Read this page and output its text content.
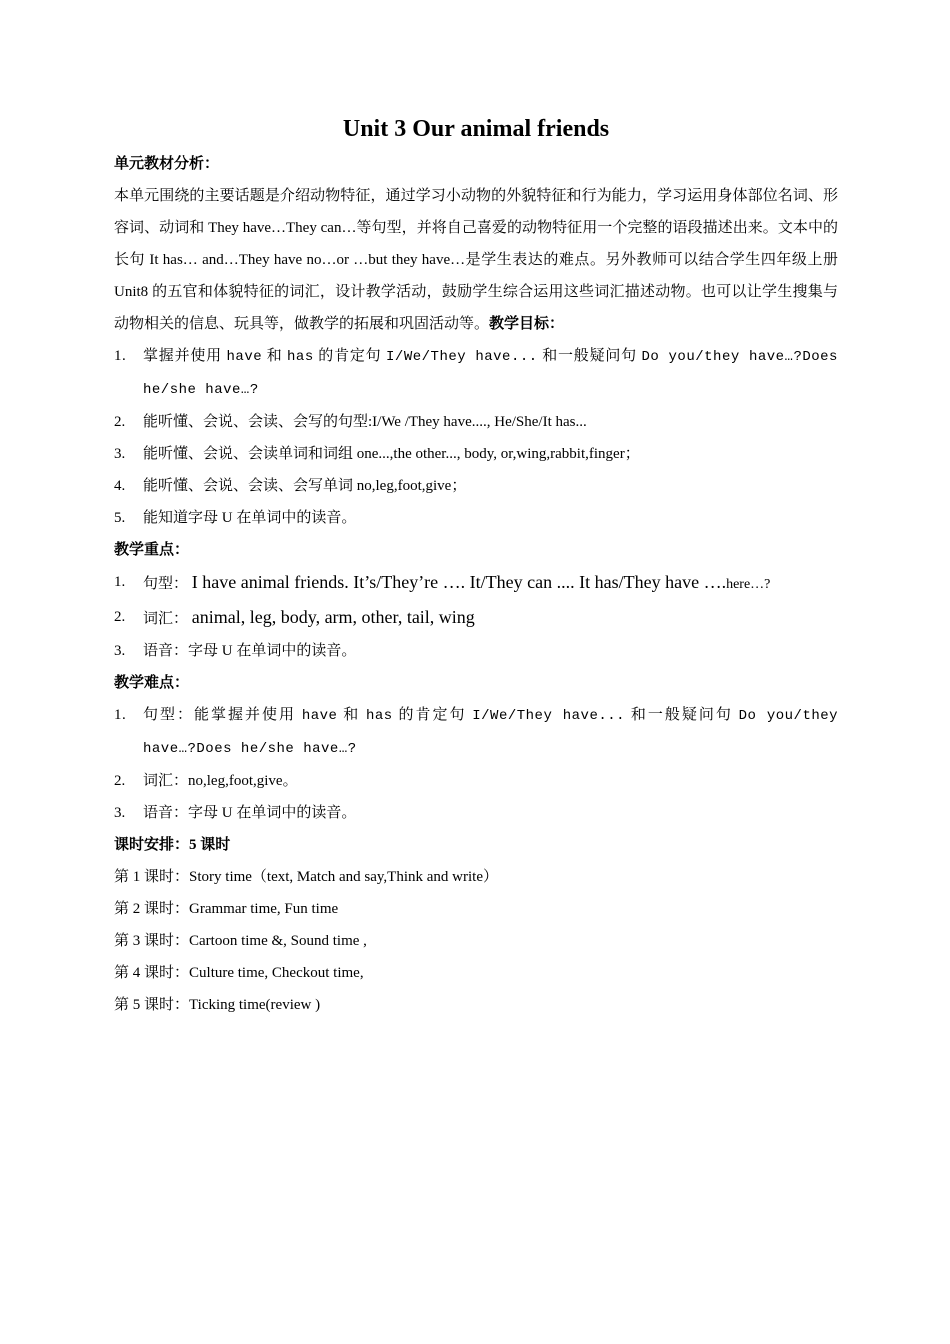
Unit 3 Our animal friends
单元教材分析：
本单元围绕的主要话题是介绍动物特征，通过学习小动物的外貌特征和行为能力，学习运用身体部位名词、形容词、动词和 They have…They can…等句型，并将自己喜爱的动物特征用一个完整的语段描述出来。文本中的长句 It has… and…They have no…or …but they have…是学生表达的难点。另外教师可以结合学生四年级上册 Unit8 的五官和体貌特征的词汇，设计教学活动，鼓励学生综合运用这些词汇描述动物。也可以让学生搜集与动物相关的信息、玩具等，做教学的拓展和巩固活动等。教学目标：
1. 掌握并使用 have 和 has 的肯定句 I/We/They have... 和一般疑问句 Do you/they have…?Does he/she have…?
2. 能听懂、会说、会读、会写的句型:I/We /They have...., He/She/It has...
3. 能听懂、会说、会读单词和词组 one...,the other..., body, or,wing,rabbit,finger；
4. 能听懂、会说、会读、会写单词 no,leg,foot,give；
5. 能知道字母 U 在单词中的读音。
教学重点：
1. 句型： I have animal friends. It’s/They’re …. It/They can .... It has/They have ….here…?
2. 词汇： animal, leg, body, arm, other, tail, wing
3. 语音：字母 U 在单词中的读音。
教学难点：
1. 句型：能掌握并使用 have 和 has 的肯定句 I/We/They have... 和一般疑问句 Do you/they have…?Does he/she have…?
2. 词汇：no,leg,foot,give。
3. 语音：字母 U 在单词中的读音。
课时安排：5 课时
第 1 课时：Story time（text, Match and say,Think and write）
第 2 课时：Grammar time, Fun time
第 3 课时：Cartoon time &, Sound time ,
第 4 课时：Culture time, Checkout time,
第 5 课时：Ticking time(review )
